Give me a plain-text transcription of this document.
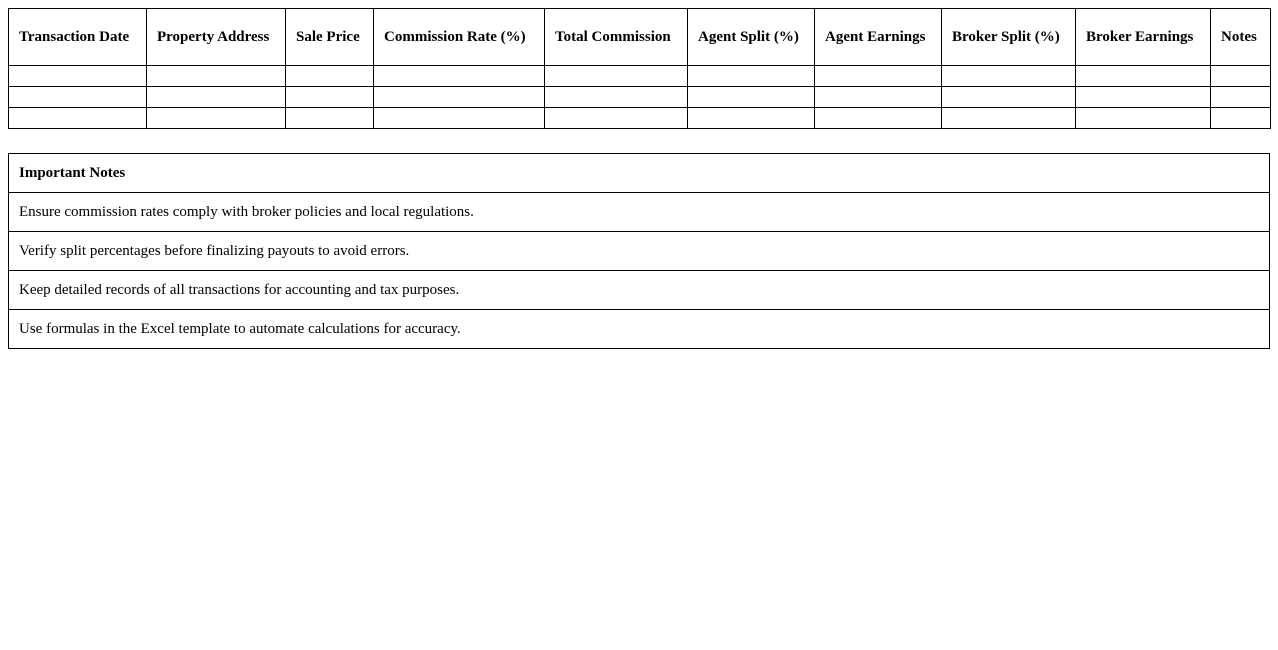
Transaction Date	Property Address	Sale Price	Commission Rate (%)	Total Commission	Agent Split (%)	Agent Earnings	Broker Split (%)	Broker Earnings	Notes

Important Notes
Ensure commission rates comply with broker policies and local regulations.
Verify split percentages before finalizing payouts to avoid errors.
Keep detailed records of all transactions for accounting and tax purposes.
Use formulas in the Excel template to automate calculations for accuracy.
